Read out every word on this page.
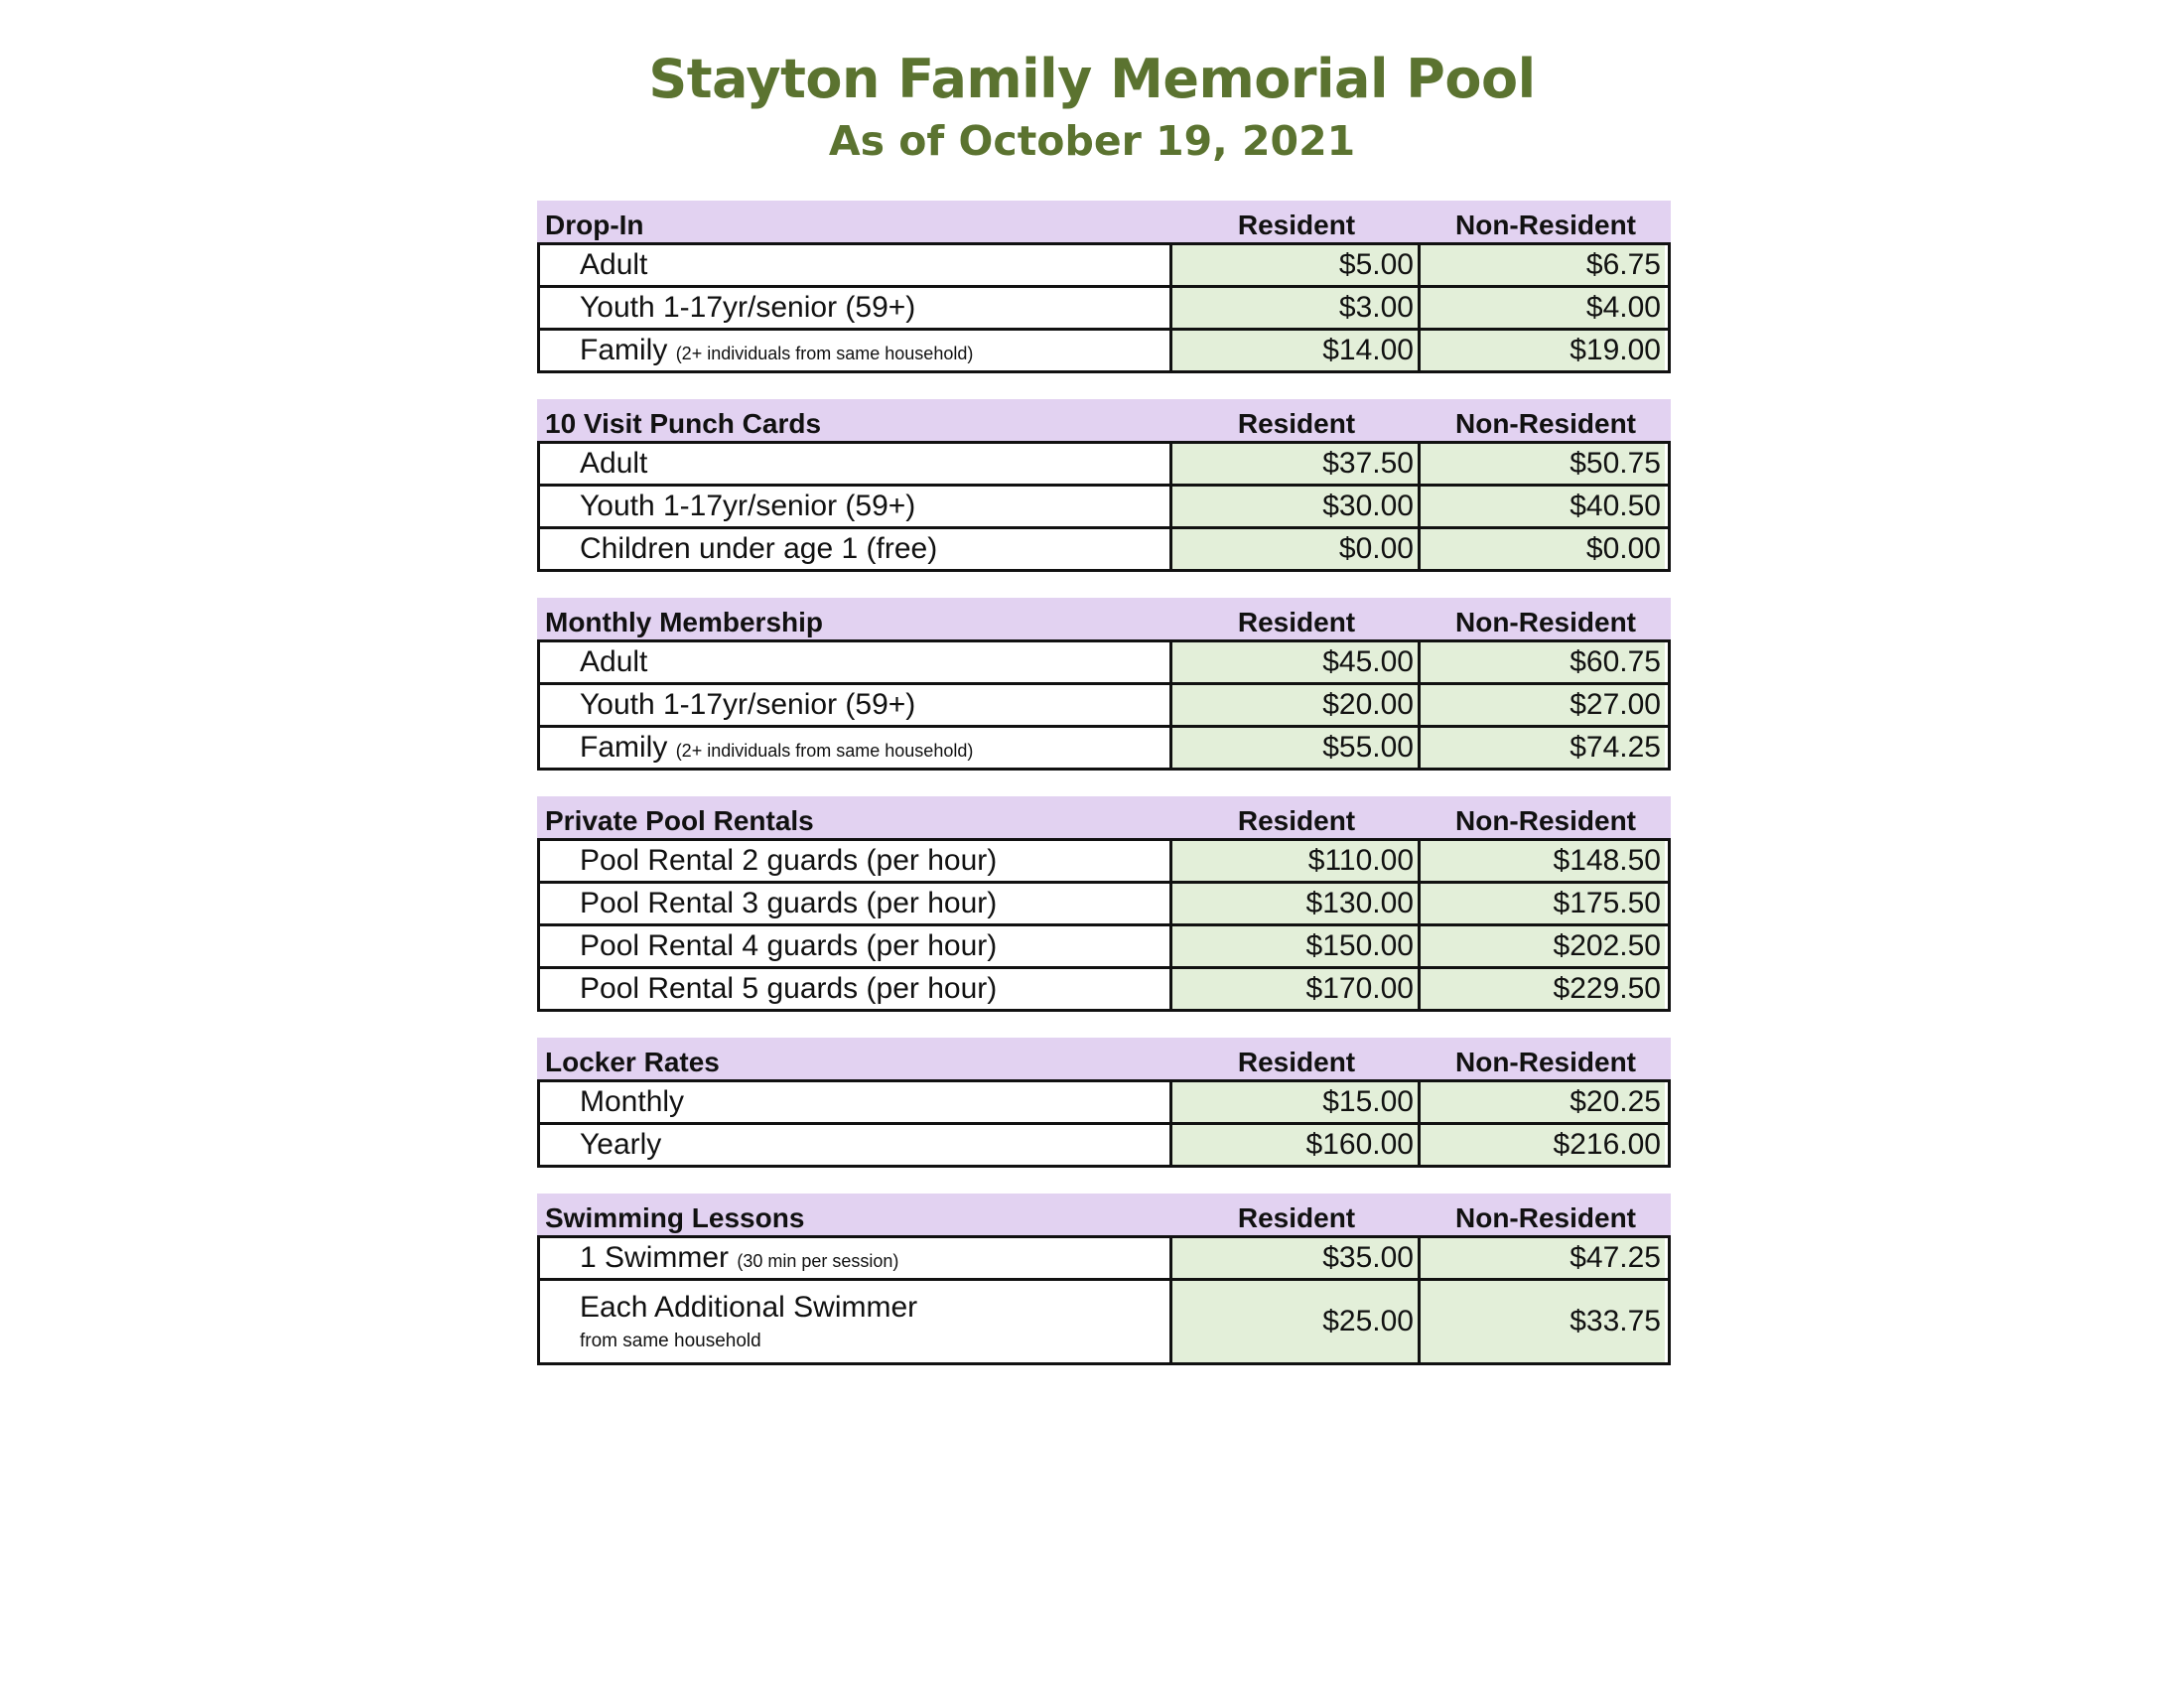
Stayton Family Memorial Pool
As of October 19, 2021
Drop-In	Resident	Non-Resident
Adult	$5.00	$6.75
Youth 1-17yr/senior (59+)	$3.00	$4.00
Family (2+ individuals from same household)	$14.00	$19.00
10 Visit Punch Cards	Resident	Non-Resident
Adult	$37.50	$50.75
Youth 1-17yr/senior (59+)	$30.00	$40.50
Children under age 1 (free)	$0.00	$0.00
Monthly Membership	Resident	Non-Resident
Adult	$45.00	$60.75
Youth 1-17yr/senior (59+)	$20.00	$27.00
Family (2+ individuals from same household)	$55.00	$74.25
Private Pool Rentals	Resident	Non-Resident
Pool Rental 2 guards (per hour)	$110.00	$148.50
Pool Rental 3 guards (per hour)	$130.00	$175.50
Pool Rental 4 guards (per hour)	$150.00	$202.50
Pool Rental 5 guards (per hour)	$170.00	$229.50
Locker Rates	Resident	Non-Resident
Monthly	$15.00	$20.25
Yearly	$160.00	$216.00
Swimming Lessons	Resident	Non-Resident
1 Swimmer (30 min per session)	$35.00	$47.25
Each Additional Swimmer
from same household
$25.00	$33.75
